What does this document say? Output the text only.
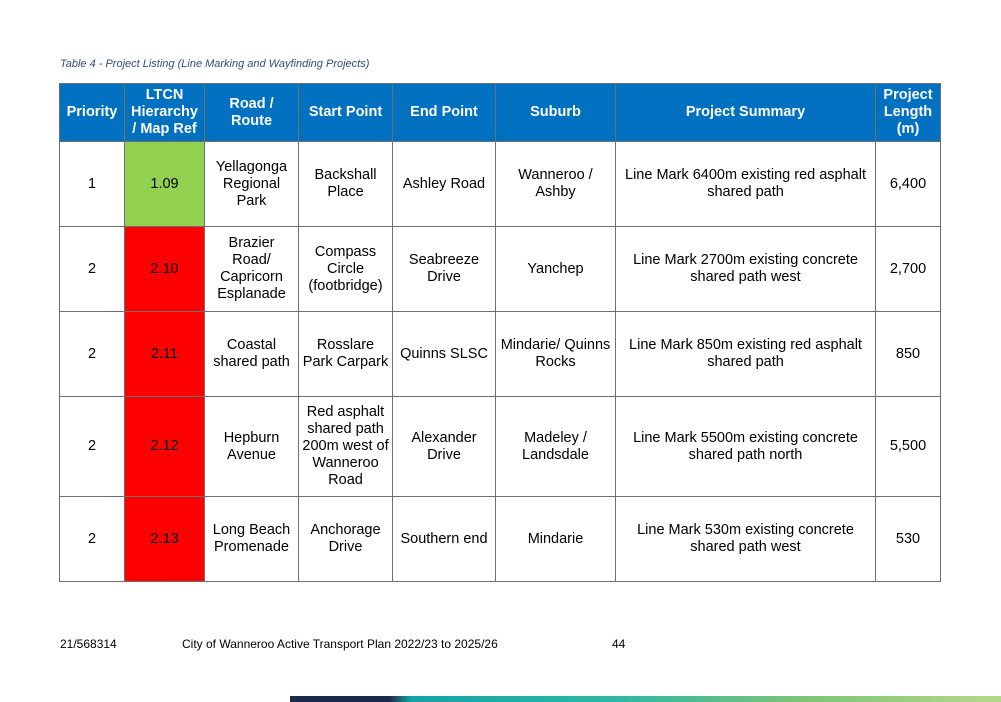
Table 4 - Project Listing (Line Marking and Wayfinding Projects)
Priority	LTCN Hierarchy / Map Ref	Road / Route	Start Point	End Point	Suburb	Project Summary	Project Length (m)
1	1.09	Yellagonga Regional Park	Backshall Place	Ashley Road	Wanneroo / Ashby	Line Mark 6400m existing red asphalt shared path	6,400
2	2.10	Brazier Road/ Capricorn Esplanade	Compass Circle (footbridge)	Seabreeze Drive	Yanchep	Line Mark 2700m existing concrete shared path west	2,700
2	2.11	Coastal shared path	Rosslare Park Carpark	Quinns SLSC	Mindarie/ Quinns Rocks	Line Mark 850m existing red asphalt shared path	850
2	2.12	Hepburn Avenue	Red asphalt shared path 200m west of Wanneroo Road	Alexander Drive	Madeley / Landsdale	Line Mark 5500m existing concrete shared path north	5,500
2	2.13	Long Beach Promenade	Anchorage Drive	Southern end	Mindarie	Line Mark 530m existing concrete shared path west	530
21/568314	City of Wanneroo Active Transport Plan 2022/23 to 2025/26	44
